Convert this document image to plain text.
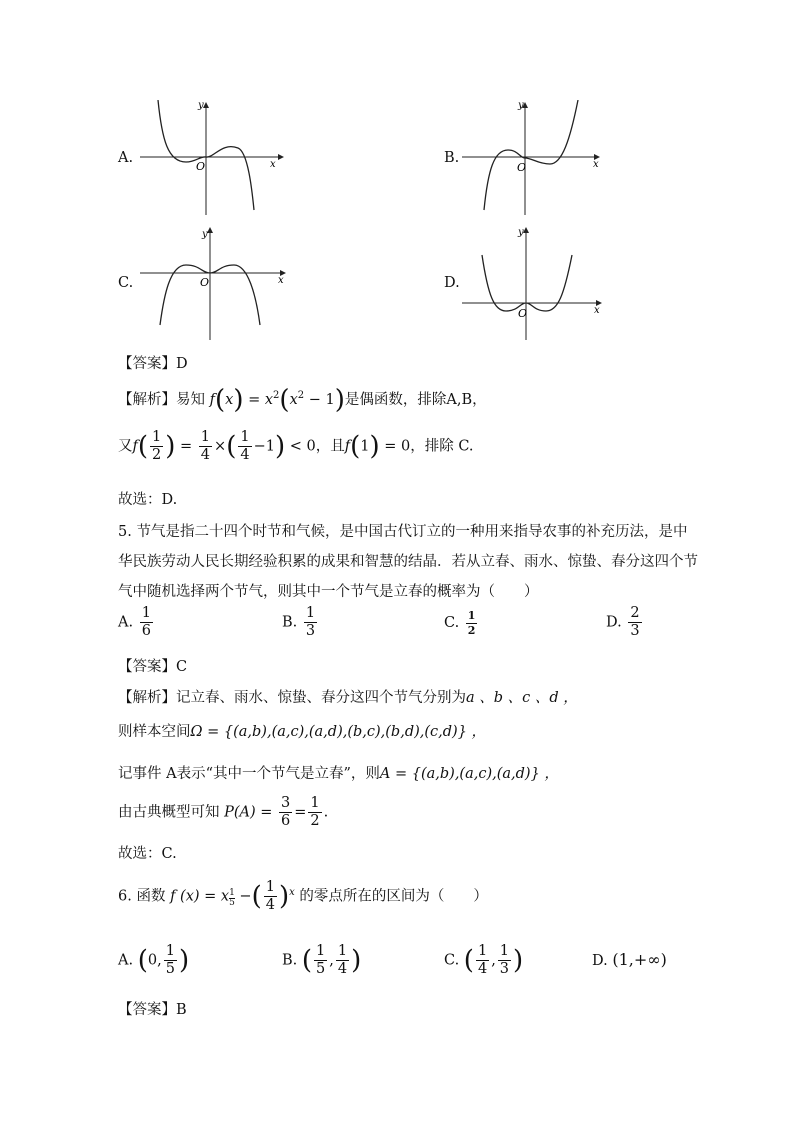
A.
O	x
y
B.
O	x
y
C.	O	x
y
D.
O	x
y
【答案】D
【解析】易知 $f(x) = x^2(x^2 - 1)$是偶函数，排除A,B，
又$f( \frac{1}{2}$ ) = $\frac{1}{4}$ ×( $\frac{1}{4} -1) < 0$，且f(1) = 0，排除 C.
故选：D.
5. 节气是指二十四个时节和气候，是中国古代订立的一种用来指导农事的补充历法，是中
华民族劳动人民长期经验积累的成果和智慧的结晶．若从立春、雨水、惊蛰、春分这四个节
气中随机选择两个节气，则其中一个节气是立春的概率为（　　）
A. $\frac{1}{6}$	B. $\frac{1}{3}$	C. $\frac{1}{2}$	D. $\frac{2}{3}$
【答案】C
【解析】记立春、雨水、惊蛰、春分这四个节气分别为a 、b 、c 、d ，
则样本空间Ω = {(a,b),(a,c),(a,d),(b,c),(b,d),(c,d)} ，
记事件 A表示“其中一个节气是立春”，则A = {(a,b),(a,c),(a,d)} ，
由古典概型可知 $P(A) = \frac{3}{6} = \frac{1}{2}$ .
故选：C.
6. 函数 f (x) = x $\frac{1}{5}$ −( $\frac{1}{4} )^x$ 的零点所在的区间为（　　）
A. (0, $\frac{1}{5}$ )	B. ( $\frac{1}{5}$ , $\frac{1}{4}$ )	C. ( $\frac{1}{4}$ , $\frac{1}{3}$ )	D. (1,+∞)
【答案】B
